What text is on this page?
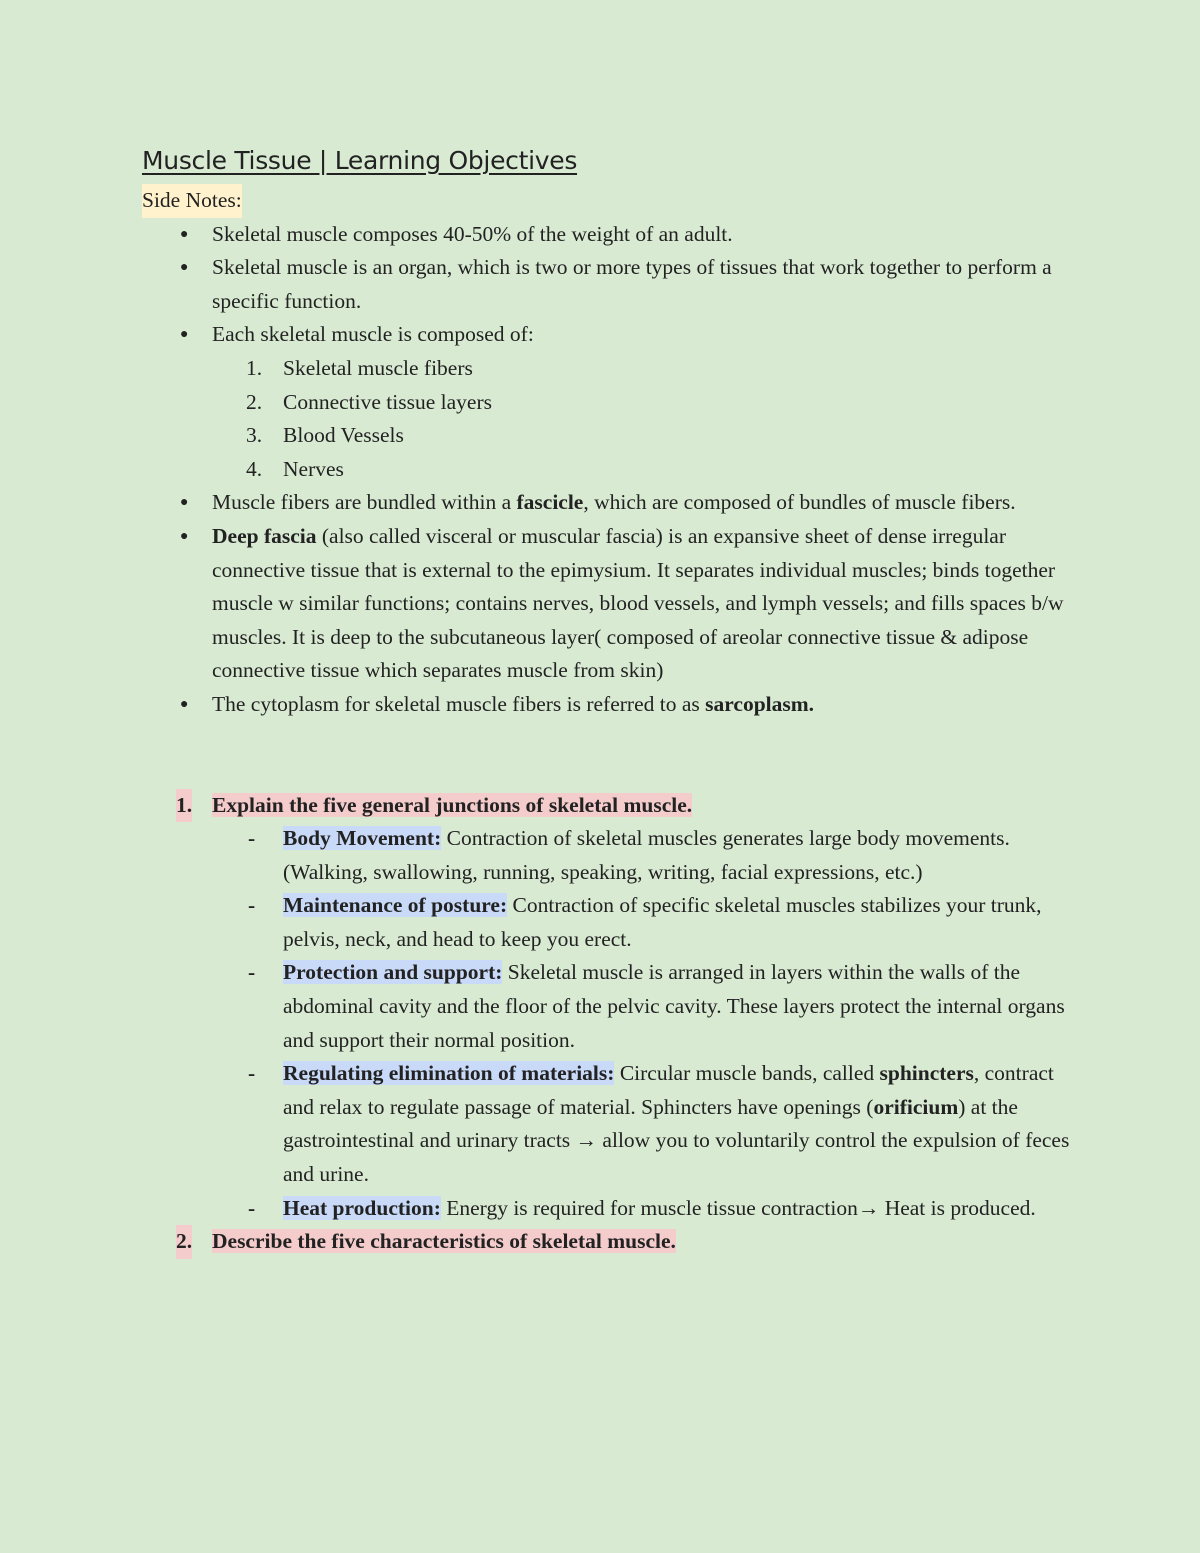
Muscle Tissue | Learning Objectives
Side Notes:
● Skeletal muscle composes 40-50% of the weight of an adult.
● Skeletal muscle is an organ, which is two or more types of tissues that work together to perform a specific function.
● Each skeletal muscle is composed of:
1. Skeletal muscle fibers
2. Connective tissue layers
3. Blood Vessels
4. Nerves
● Muscle fibers are bundled within a fascicle, which are composed of bundles of muscle fibers.
● Deep fascia (also called visceral or muscular fascia) is an expansive sheet of dense irregular connective tissue that is external to the epimysium. It separates individual muscles; binds together muscle w similar functions; contains nerves, blood vessels, and lymph vessels; and fills spaces b/w muscles. It is deep to the subcutaneous layer( composed of areolar connective tissue & adipose connective tissue which separates muscle from skin)
● The cytoplasm for skeletal muscle fibers is referred to as sarcoplasm.
1. Explain the five general junctions of skeletal muscle.
- Body Movement: Contraction of skeletal muscles generates large body movements. (Walking, swallowing, running, speaking, writing, facial expressions, etc.)
- Maintenance of posture: Contraction of specific skeletal muscles stabilizes your trunk, pelvis, neck, and head to keep you erect.
- Protection and support: Skeletal muscle is arranged in layers within the walls of the abdominal cavity and the floor of the pelvic cavity. These layers protect the internal organs and support their normal position.
- Regulating elimination of materials: Circular muscle bands, called sphincters, contract and relax to regulate passage of material. Sphincters have openings (orificium) at the gastrointestinal and urinary tracts → allow you to voluntarily control the expulsion of feces and urine.
- Heat production: Energy is required for muscle tissue contraction→ Heat is produced.
2. Describe the five characteristics of skeletal muscle.
